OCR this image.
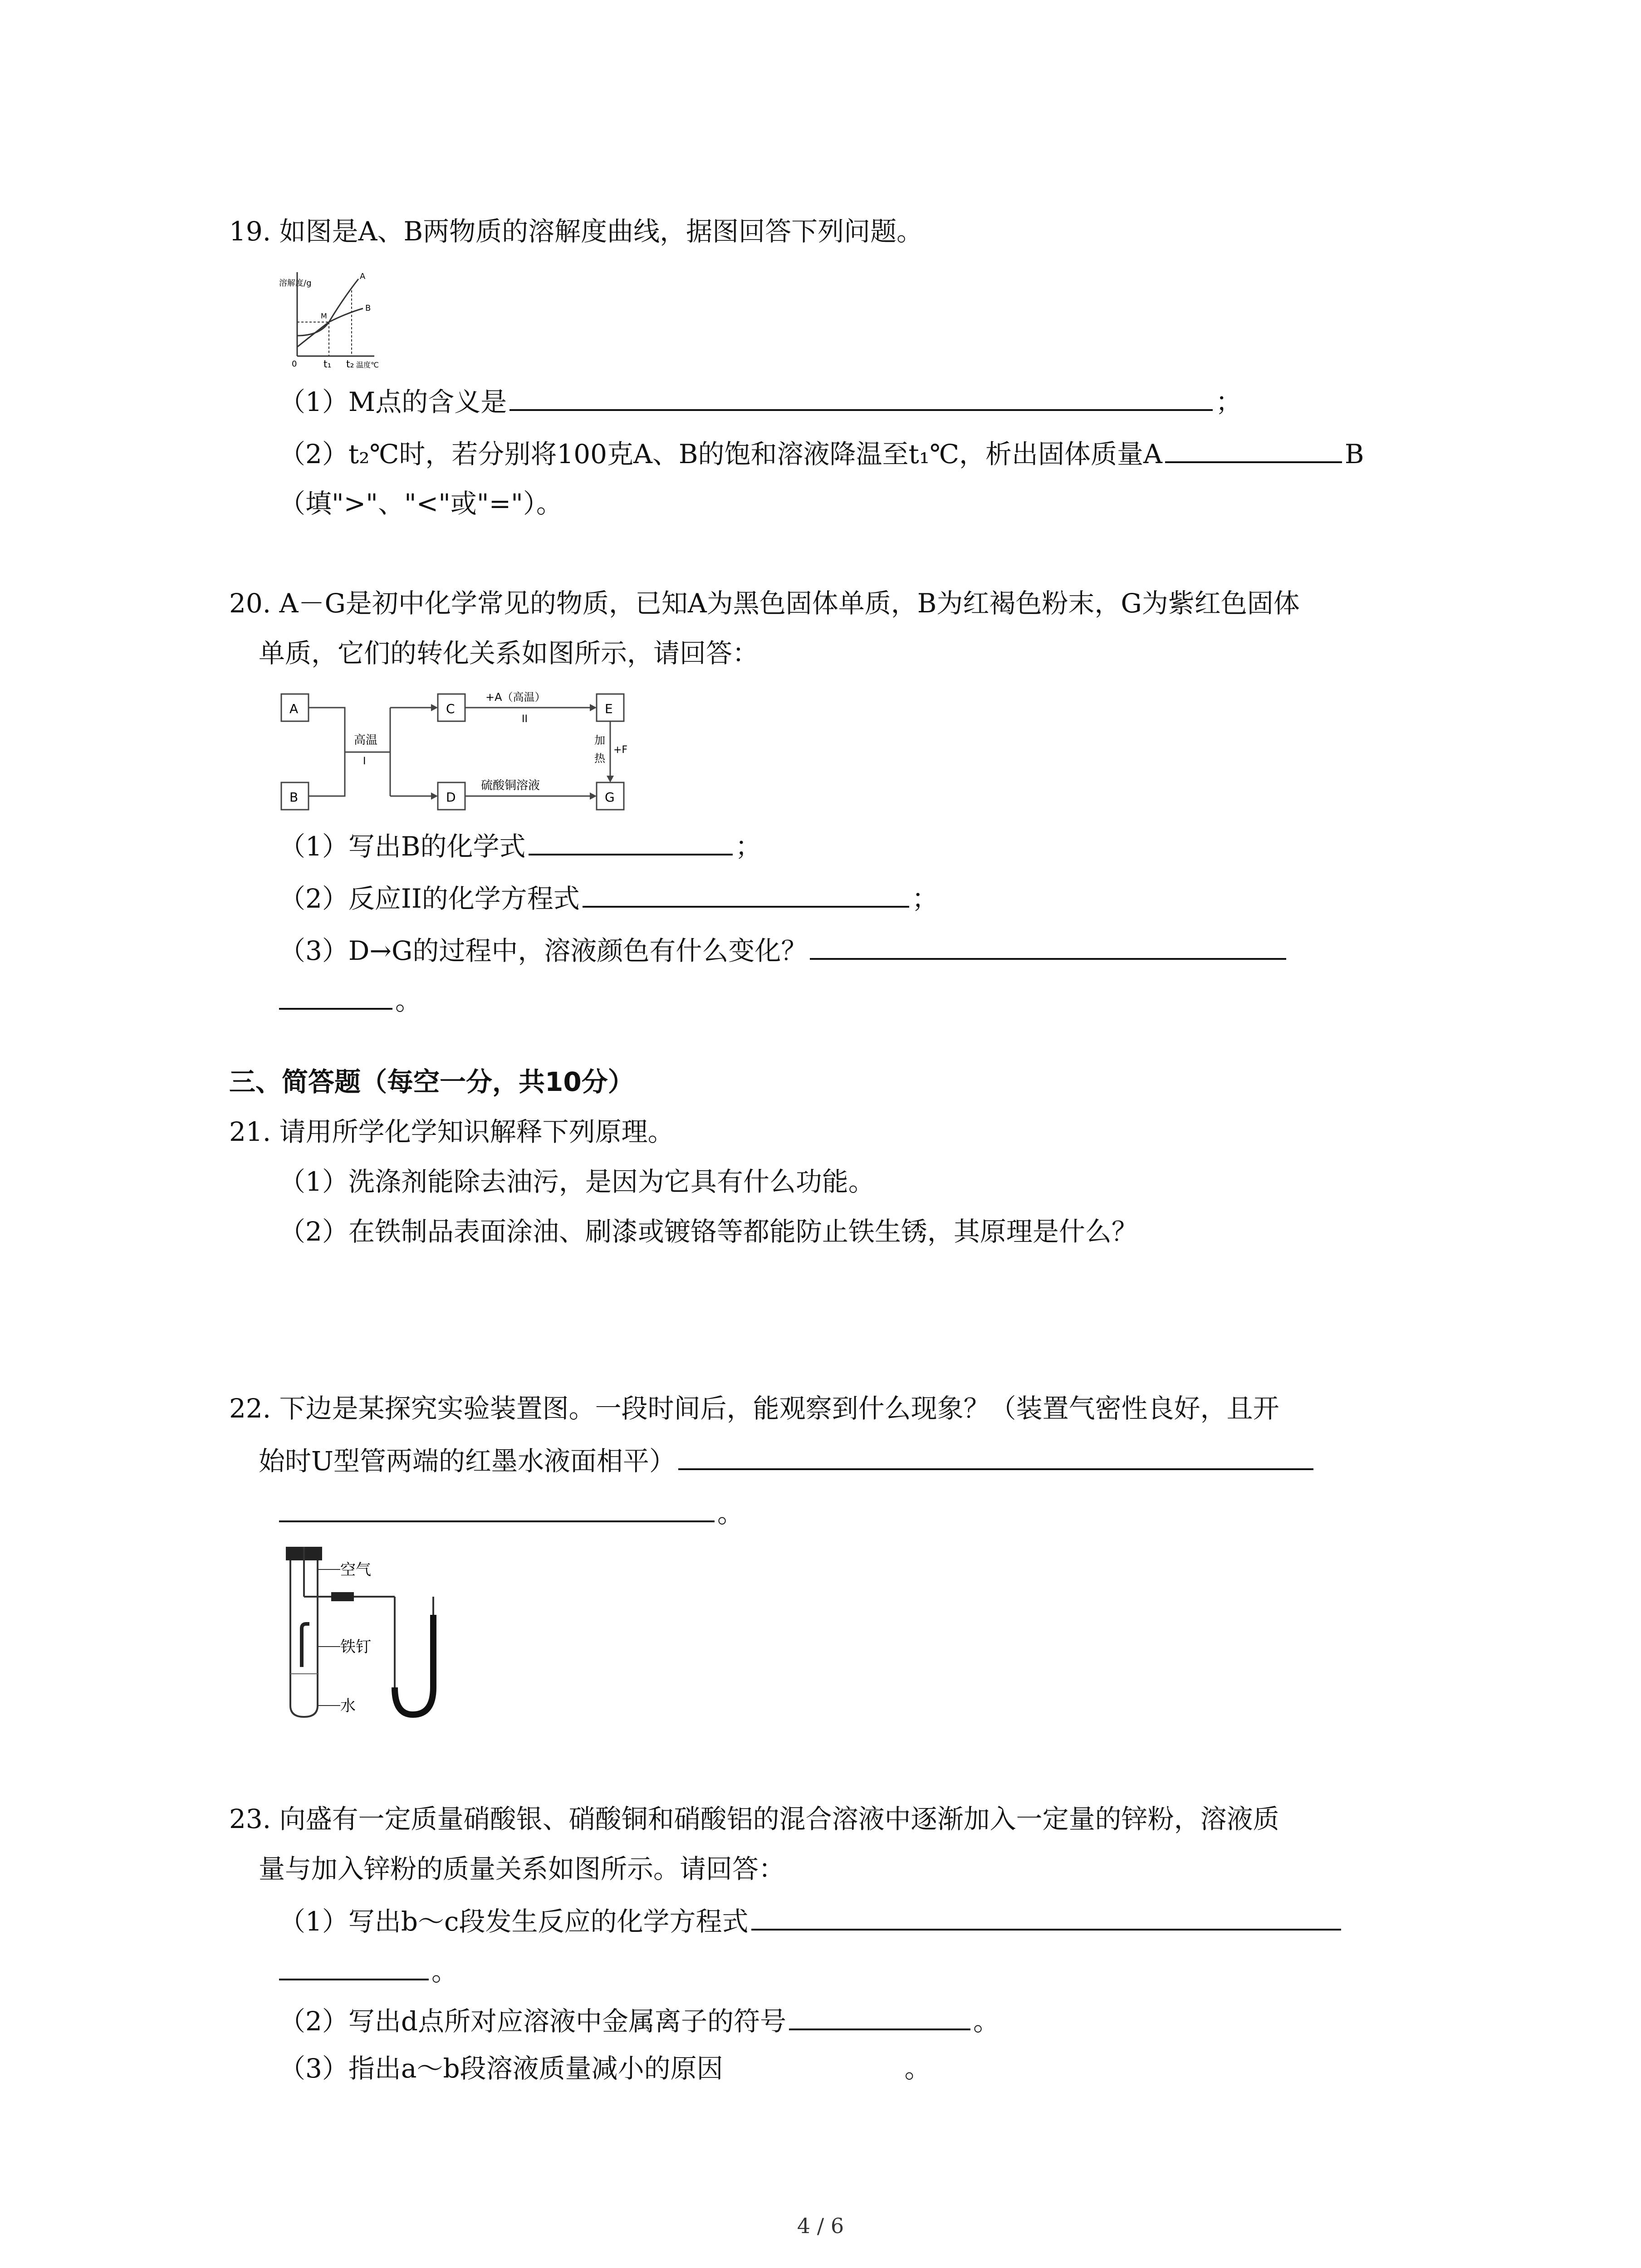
19. 如图是A、B两物质的溶解度曲线，据图回答下列问题。
溶解度/g
0	t₁ t₂ 温度℃
A
B
M
（1）M点的含义是	；
（2）t₂℃时，若分别将100克A、B的饱和溶液降温至t₁℃，析出固体质量A	B
（填">"、"<"或"="）。
20. A－G是初中化学常见的物质，已知A为黑色固体单质，B为红褐色粉末，G为紫红色固体
单质，它们的转化关系如图所示，请回答：
A
B
高温
I
C
D
+A（高温）
II
硫酸铜溶液
E
G
加
热
+F
（1）写出B的化学式	；
（2）反应II的化学方程式	；
（3）D→G的过程中，溶液颜色有什么变化？
。
三、简答题（每空一分，共10分）
21. 请用所学化学知识解释下列原理。
（1）洗涤剂能除去油污，是因为它具有什么功能。
（2）在铁制品表面涂油、刷漆或镀铬等都能防止铁生锈，其原理是什么？
22. 下边是某探究实验装置图。一段时间后，能观察到什么现象？（装置气密性良好，且开
始时U型管两端的红墨水液面相平）
。
空气
铁钉
水
23. 向盛有一定质量硝酸银、硝酸铜和硝酸铝的混合溶液中逐渐加入一定量的锌粉，溶液质
量与加入锌粉的质量关系如图所示。请回答：
（1）写出b～c段发生反应的化学方程式
。
（2）写出d点所对应溶液中金属离子的符号	。
（3）指出a～b段溶液质量减小的原因	。
4 / 6
